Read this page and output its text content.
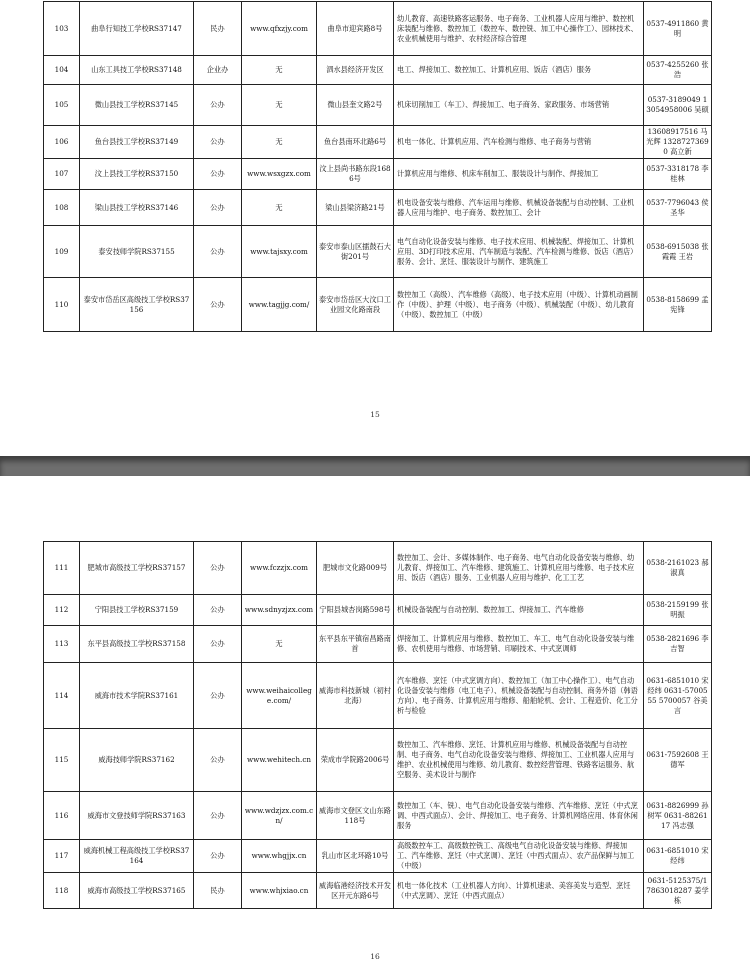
103	曲阜行知技工学校RS37147	民办	www.qfxzjy.com	曲阜市迎宾路8号	幼儿教育、高速铁路客运服务、电子商务、工业机器人应用与维护、数控机床装配与维修、数控加工（数控车、数控铣、加工中心操作工）、园林技术、农业机械使用与维护、农村经济综合管理	0537-4911860 黄明
104	山东工具技工学校RS37148	企业办	无	泗水县经济开发区	电工、焊接加工、数控加工、计算机应用、饭店（酒店）服务	0537-4255260 张浩
105	微山县技工学校RS37145	公办	无	微山县奎文路2号	机床切削加工（车工）、焊接加工、电子商务、家政服务、市场营销	0537-3189049 13054958006 吴硕
106	鱼台县技工学校RS37149	公办	无	鱼台县南环北路6号	机电一体化、计算机应用、汽车检测与维修、电子商务与营销	13608917516 马光辉 13287273690 高立新
107	汶上县技工学校RS37150	公办	www.wsxgzx.com	汶上县尚书路东段1686号	计算机应用与维修、机床车削加工、服装设计与制作、焊接加工	0537-3318178 李桂林
108	梁山县技工学校RS37146	公办	无	梁山县梁济路21号	机电设备安装与维修、汽车运用与维修、机械设备装配与自动控制、工业机器人应用与维护、电子商务、数控加工、会计	0537-7796043 侯圣华
109	泰安技师学院RS37155	公办	www.tajsxy.com	泰安市泰山区擂鼓石大街201号	电气自动化设备安装与维修、电子技术应用、机械装配、焊接加工、计算机应用、3D打印技术应用、汽车制造与装配、汽车检测与维修、饭店（酒店）服务、会计、烹饪、服装设计与制作、建筑施工	0538-6915038 张霞霞 王岩
110	泰安市岱岳区高级技工学校RS37156	公办	www.tagjjg.com/	泰安市岱岳区大汶口工业园文化路南段	数控加工（高级）、汽车维修（高级）、电子技术应用（中级）、计算机动画制作（中级）、护理（中级）、电子商务（中级）、机械装配（中级）、幼儿教育（中级）、数控加工（中级）	0538-8158699 孟宪锋
15
111	肥城市高级技工学校RS37157	公办	www.fczzjx.com	肥城市文化路009号	数控加工、会计、多媒体制作、电子商务、电气自动化设备安装与维修、幼儿教育、焊接加工、汽车维修、建筑施工、计算机应用与维修、电子技术应用、饭店（酒店）服务、工业机器人应用与维护、化工工艺	0538-2161023 郝淑真
112	宁阳县技工学校RS37159	公办	www.sdnyzjzx.com	宁阳县城杏岗路598号	机械设备装配与自动控制、数控加工、焊接加工、汽车维修	0538-2159199 张明振
113	东平县高级技工学校RS37158	公办	无	东平县东平镇宿昌路南首	焊接加工、计算机应用与维修、数控加工、车工、电气自动化设备安装与维修、农机使用与维修、市场营销、印刷技术、中式烹调师	0538-2821696 李吉智
114	威海市技术学院RS37161	公办	www.weihaicollege.com/	威海市科技新城（初村北海）	汽车维修、烹饪（中式烹调方向）、数控加工（加工中心操作工）、电气自动化设备安装与维修（电工电子）、机械设备装配与自动控制、商务外语（韩语方向）、电子商务、计算机应用与维修、船舶轮机、会计、工程造价、化工分析与检验	0631-6851010 宋经纬 0631-5700555 5700057 谷美言
115	威海技师学院RS37162	公办	www.wehitech.cn	荣成市学院路2006号	数控加工、汽车维修、烹饪、计算机应用与维修、机械设备装配与自动控制、电子商务、电气自动化设备安装与维修、焊接加工、工业机器人应用与维护、农业机械使用与维修、幼儿教育、数控经营管理、铁路客运服务、航空服务、美术设计与制作	0631-7592608 王德军
116	威海市文登技师学院RS37163	公办	www.wdzjzx.com.cn/	威海市文登区文山东路118号	数控加工（车、铣）、电气自动化设备安装与维修、汽车维修、烹饪（中式烹调、中西式面点）、会计、焊接加工、电子商务、计算机网络应用、体育休闲服务	0631-8826999 孙树军 0631-8826117 冯志强
117	威海机械工程高级技工学校RS37164	公办	www.whgjjx.cn	乳山市区北环路10号	高级数控车工、高级数控铣工、高级电气自动化设备安装与维修、焊接加工、汽车维修、烹饪（中式烹调）、烹饪（中西式面点）、农产品保鲜与加工（中级）	0631-6851010 宋经纬
118	威海市高级技工学校RS37165	民办	www.whjxiao.cn	威海临港经济技术开发区开元东路6号	机电一体化技术（工业机器人方向）、计算机速录、美容美发与造型、烹饪（中式烹调）、烹饪（中西式面点）	0631-5125375/17863018287 姜学栋
16
